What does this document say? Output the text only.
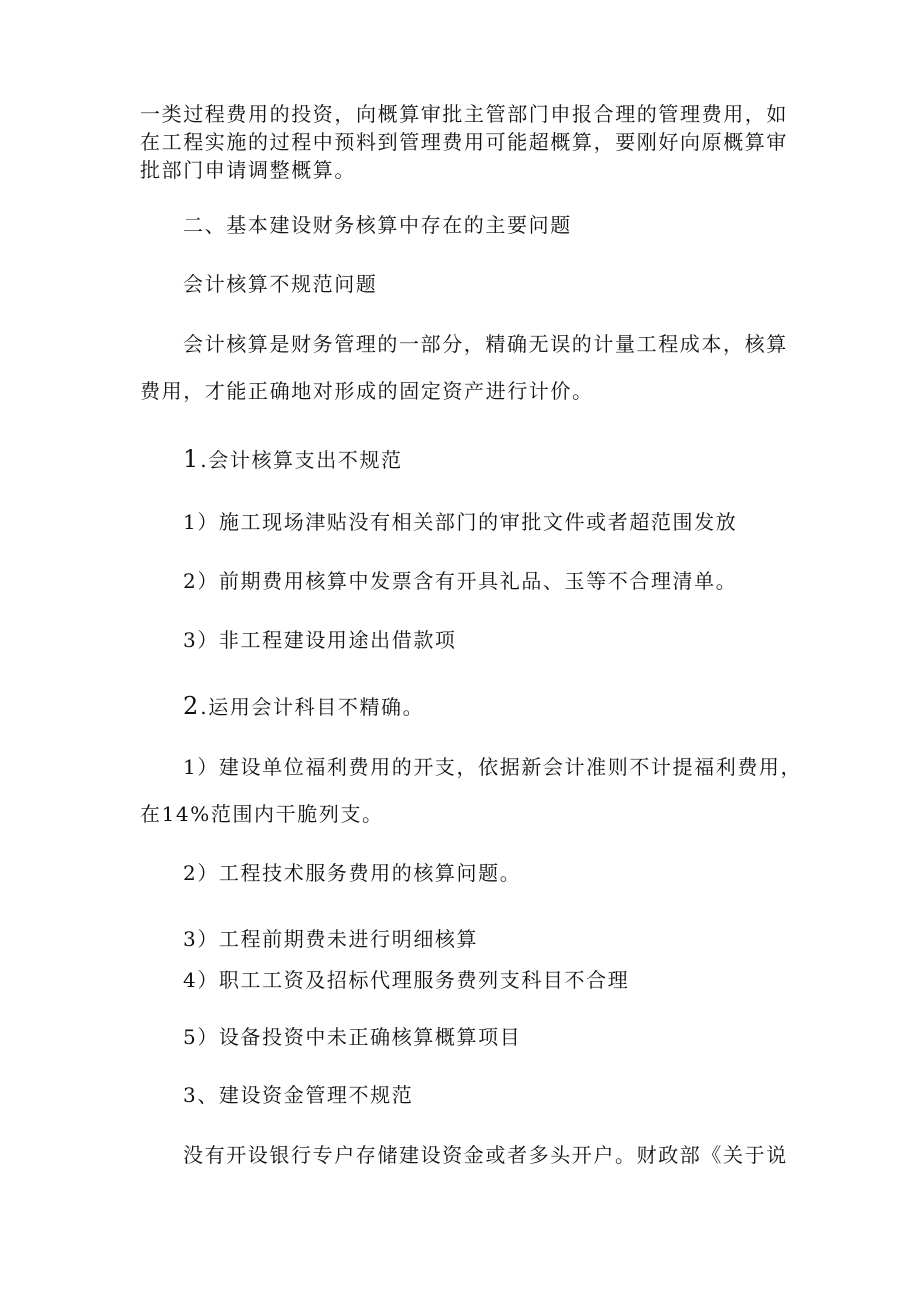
一类过程费用的投资，向概算审批主管部门申报合理的管理费用，如
在工程实施的过程中预料到管理费用可能超概算，要刚好向原概算审
批部门申请调整概算。
二、基本建设财务核算中存在的主要问题
会计核算不规范问题
会计核算是财务管理的一部分，精确无误的计量工程成本，核算
费用，才能正确地对形成的固定资产进行计价。
1 .会计核算支出不规范
1）施工现场津贴没有相关部门的审批文件或者超范围发放
2）前期费用核算中发票含有开具礼品、玉等不合理清单。
3）非工程建设用途出借款项
2 .运用会计科目不精确。
1）建设单位福利费用的开支，依据新会计准则不计提福利费用，
在14%范围内干脆列支。
2）工程技术服务费用的核算问题。
3）工程前期费未进行明细核算
4）职工工资及招标代理服务费列支科目不合理
5）设备投资中未正确核算概算项目
3、建设资金管理不规范
没有开设银行专户存储建设资金或者多头开户。财政部《关于说
